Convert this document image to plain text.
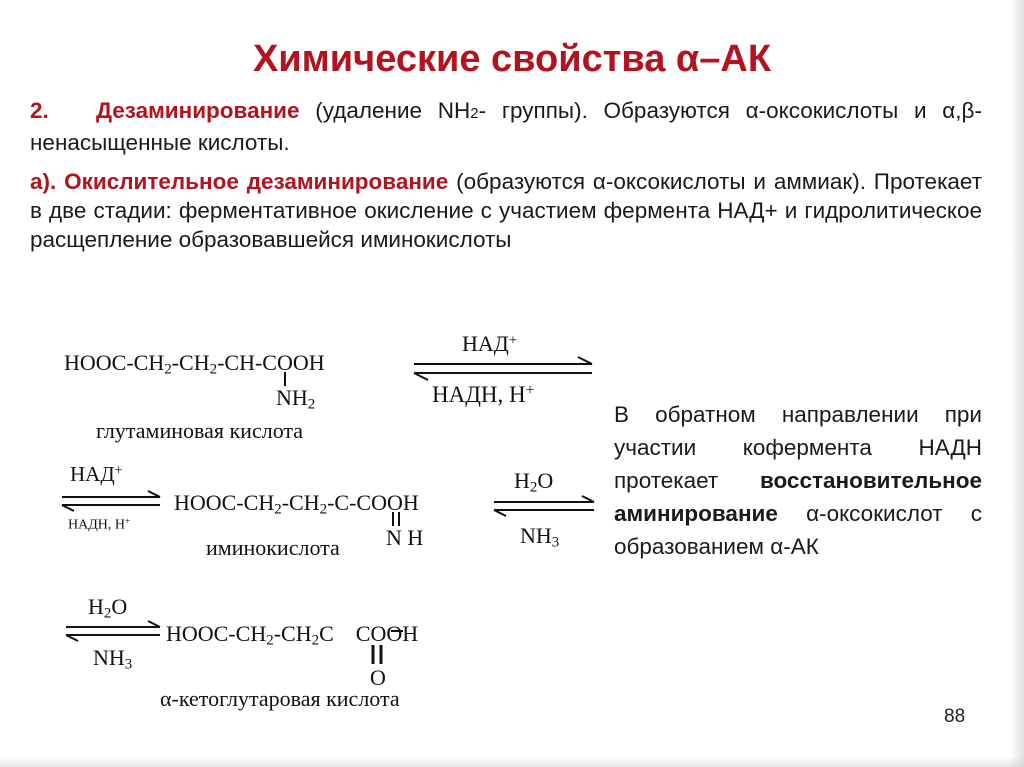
Химические свойства α–АК
2. Дезаминирование (удаление NH2- группы). Образуются α-оксокислоты и α,β-ненасыщенные кислоты.
а). Окислительное дезаминирование (образуются α-оксокислоты и аммиак). Протекает в две стадии: ферментативное окисление с участием фермента НАД+ и гидролитическое расщепление образовавшейся иминокислоты
HOOC-$CH_2-CH_2-CH$-COOH
$NH_2$
глутаминовая кислота
НАД+
НАДН, Н+
НАД+
НАДН, Н+
HOOC-$CH_2-CH_2-C$-COOH
N H
иминокислота
$H_2O$
$NH_3$
$H_2O$
$NH_3$
HOOC-$CH_2-CH_2C$ COOH
O
α-кетоглутаровая кислота
В обратном направлении при участии кофермента НАДН протекает восстановительное аминирование α-оксокислот с образованием α-АК
88
